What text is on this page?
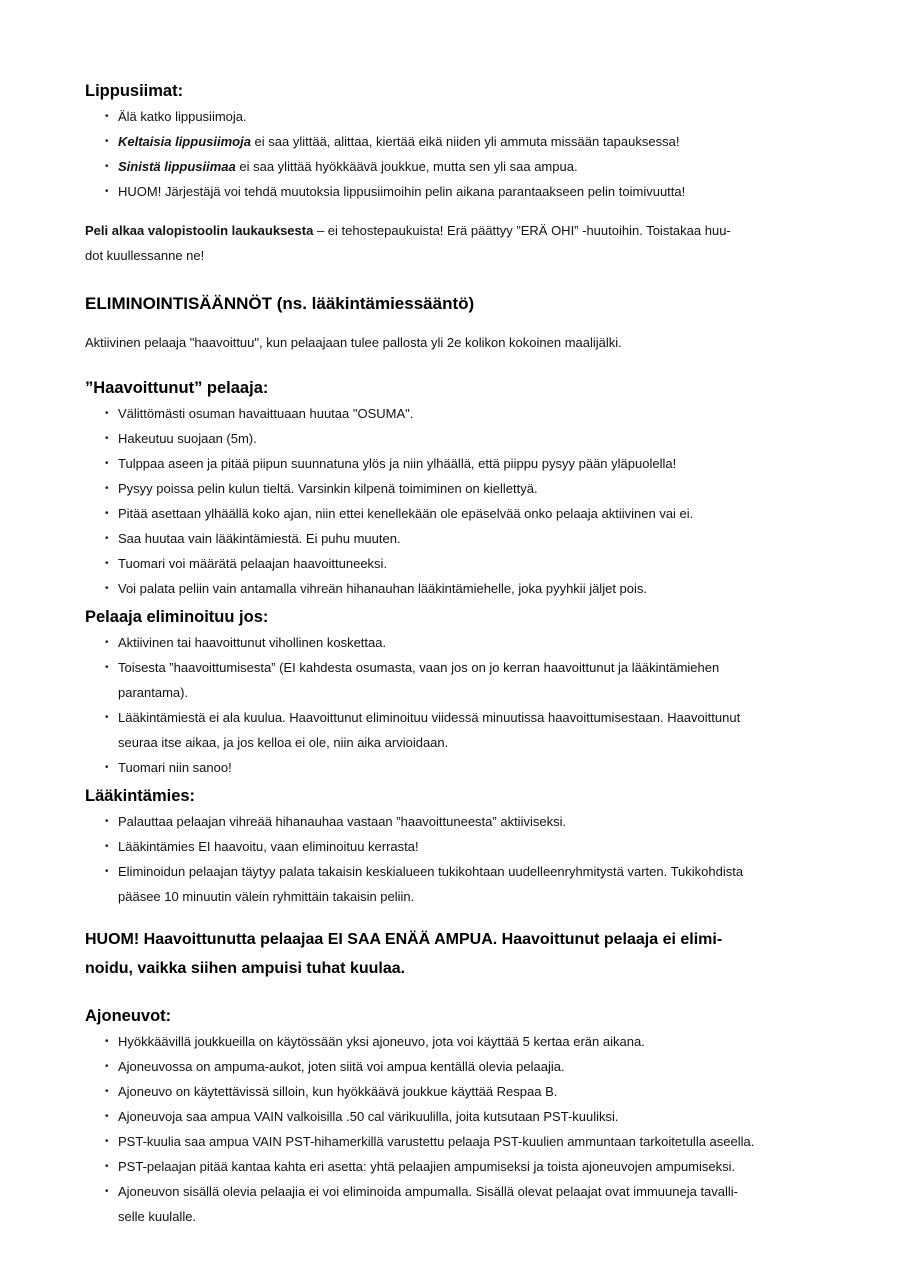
Lippusiimat:
• Älä katko lippusiimoja.
• Keltaisia lippusiimoja ei saa ylittää, alittaa, kiertää eikä niiden yli ammuta missään tapauksessa!
• Sinistä lippusiimaa ei saa ylittää hyökkäävä joukkue, mutta sen yli saa ampua.
• HUOM! Järjestäjä voi tehdä muutoksia lippusiimoihin pelin aikana parantaakseen pelin toimivuutta!
Peli alkaa valopistoolin laukauksesta – ei tehostepaukuista! Erä päättyy ”ERÄ OHI” -huutoihin. Toistakaa huu-
dot kuullessanne ne!
ELIMINOINTISÄÄNNÖT (ns. lääkintämiessääntö)
Aktiivinen pelaaja "haavoittuu", kun pelaajaan tulee pallosta yli 2e kolikon kokoinen maalijälki.
”Haavoittunut” pelaaja:
• Välittömästi osuman havaittuaan huutaa "OSUMA".
• Hakeutuu suojaan (5m).
• Tulppaa aseen ja pitää piipun suunnatuna ylös ja niin ylhäällä, että piippu pysyy pään yläpuolella!
• Pysyy poissa pelin kulun tieltä. Varsinkin kilpenä toimiminen on kiellettyä.
• Pitää asettaan ylhäällä koko ajan, niin ettei kenellekään ole epäselvää onko pelaaja aktiivinen vai ei.
• Saa huutaa vain lääkintämiestä. Ei puhu muuten.
• Tuomari voi määrätä pelaajan haavoittuneeksi.
• Voi palata peliin vain antamalla vihreän hihanauhan lääkintämiehelle, joka pyyhkii jäljet pois.
Pelaaja eliminoituu jos:
• Aktiivinen tai haavoittunut vihollinen koskettaa.
• Toisesta ”haavoittumisesta” (EI kahdesta osumasta, vaan jos on jo kerran haavoittunut ja lääkintämiehen
parantama).
• Lääkintämiestä ei ala kuulua. Haavoittunut eliminoituu viidessä minuutissa haavoittumisestaan. Haavoittunut
seuraa itse aikaa, ja jos kelloa ei ole, niin aika arvioidaan.
• Tuomari niin sanoo!
Lääkintämies:
• Palauttaa pelaajan vihreää hihanauhaa vastaan ”haavoittuneesta” aktiiviseksi.
• Lääkintämies EI haavoitu, vaan eliminoituu kerrasta!
• Eliminoidun pelaajan täytyy palata takaisin keskialueen tukikohtaan uudelleenryhmitystä varten. Tukikohdista
pääsee 10 minuutin välein ryhmittäin takaisin peliin.
HUOM! Haavoittunutta pelaajaa EI SAA ENÄÄ AMPUA. Haavoittunut pelaaja ei elimi-
noidu, vaikka siihen ampuisi tuhat kuulaa.
Ajoneuvot:
• Hyökkäävillä joukkueilla on käytössään yksi ajoneuvo, jota voi käyttää 5 kertaa erän aikana.
• Ajoneuvossa on ampuma-aukot, joten siitä voi ampua kentällä olevia pelaajia.
• Ajoneuvo on käytettävissä silloin, kun hyökkäävä joukkue käyttää Respaa B.
• Ajoneuvoja saa ampua VAIN valkoisilla .50 cal värikuulilla, joita kutsutaan PST-kuuliksi.
• PST-kuulia saa ampua VAIN PST-hihamerkillä varustettu pelaaja PST-kuulien ammuntaan tarkoitetulla aseella.
• PST-pelaajan pitää kantaa kahta eri asetta: yhtä pelaajien ampumiseksi ja toista ajoneuvojen ampumiseksi.
• Ajoneuvon sisällä olevia pelaajia ei voi eliminoida ampumalla. Sisällä olevat pelaajat ovat immuuneja tavalli-
selle kuulalle.
